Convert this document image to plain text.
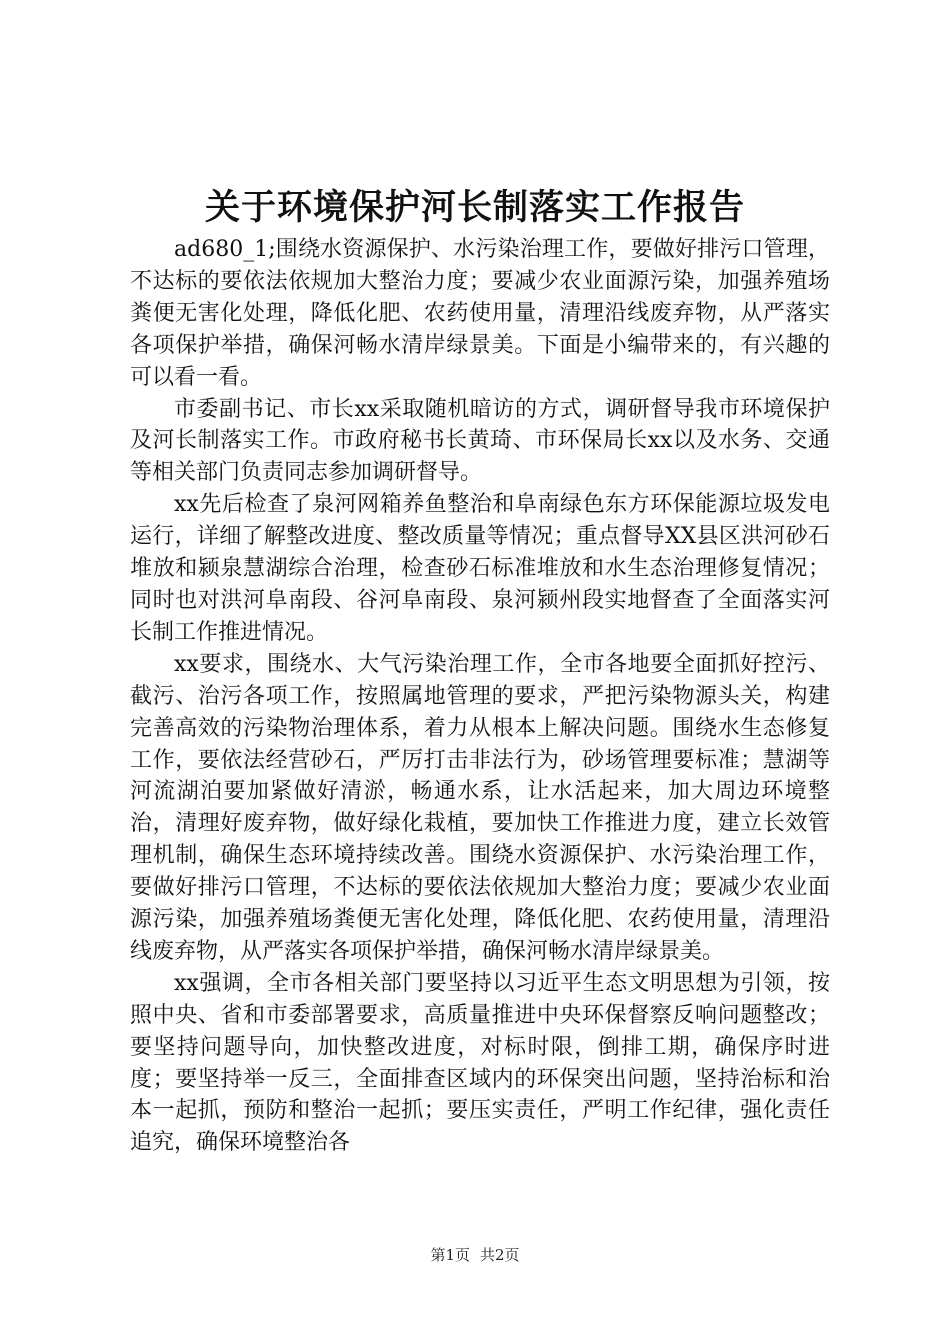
关于环境保护河长制落实工作报告

ad680_1;围绕水资源保护、水污染治理工作，要做好排污口管理，不达标的要依法依规加大整治力度；要减少农业面源污染，加强养殖场粪便无害化处理，降低化肥、农药使用量，清理沿线废弃物，从严落实各项保护举措，确保河畅水清岸绿景美。下面是小编带来的，有兴趣的可以看一看。

市委副书记、市长xx采取随机暗访的方式，调研督导我市环境保护及河长制落实工作。市政府秘书长黄琦、市环保局长xx以及水务、交通等相关部门负责同志参加调研督导。

xx先后检查了泉河网箱养鱼整治和阜南绿色东方环保能源垃圾发电运行，详细了解整改进度、整改质量等情况；重点督导XX县区洪河砂石堆放和颍泉慧湖综合治理，检查砂石标准堆放和水生态治理修复情况；同时也对洪河阜南段、谷河阜南段、泉河颍州段实地督查了全面落实河长制工作推进情况。

xx要求，围绕水、大气污染治理工作，全市各地要全面抓好控污、截污、治污各项工作，按照属地管理的要求，严把污染物源头关，构建完善高效的污染物治理体系，着力从根本上解决问题。围绕水生态修复工作，要依法经营砂石，严厉打击非法行为，砂场管理要标准；慧湖等河流湖泊要加紧做好清淤，畅通水系，让水活起来，加大周边环境整治，清理好废弃物，做好绿化栽植，要加快工作推进力度，建立长效管理机制，确保生态环境持续改善。围绕水资源保护、水污染治理工作，要做好排污口管理，不达标的要依法依规加大整治力度；要减少农业面源污染，加强养殖场粪便无害化处理，降低化肥、农药使用量，清理沿线废弃物，从严落实各项保护举措，确保河畅水清岸绿景美。

xx强调，全市各相关部门要坚持以习近平生态文明思想为引领，按照中央、省和市委部署要求，高质量推进中央环保督察反响问题整改；要坚持问题导向，加快整改进度，对标时限，倒排工期，确保序时进度；要坚持举一反三，全面排查区域内的环保突出问题，坚持治标和治本一起抓，预防和整治一起抓；要压实责任，严明工作纪律，强化责任追究，确保环境整治各

第1页 共2页
